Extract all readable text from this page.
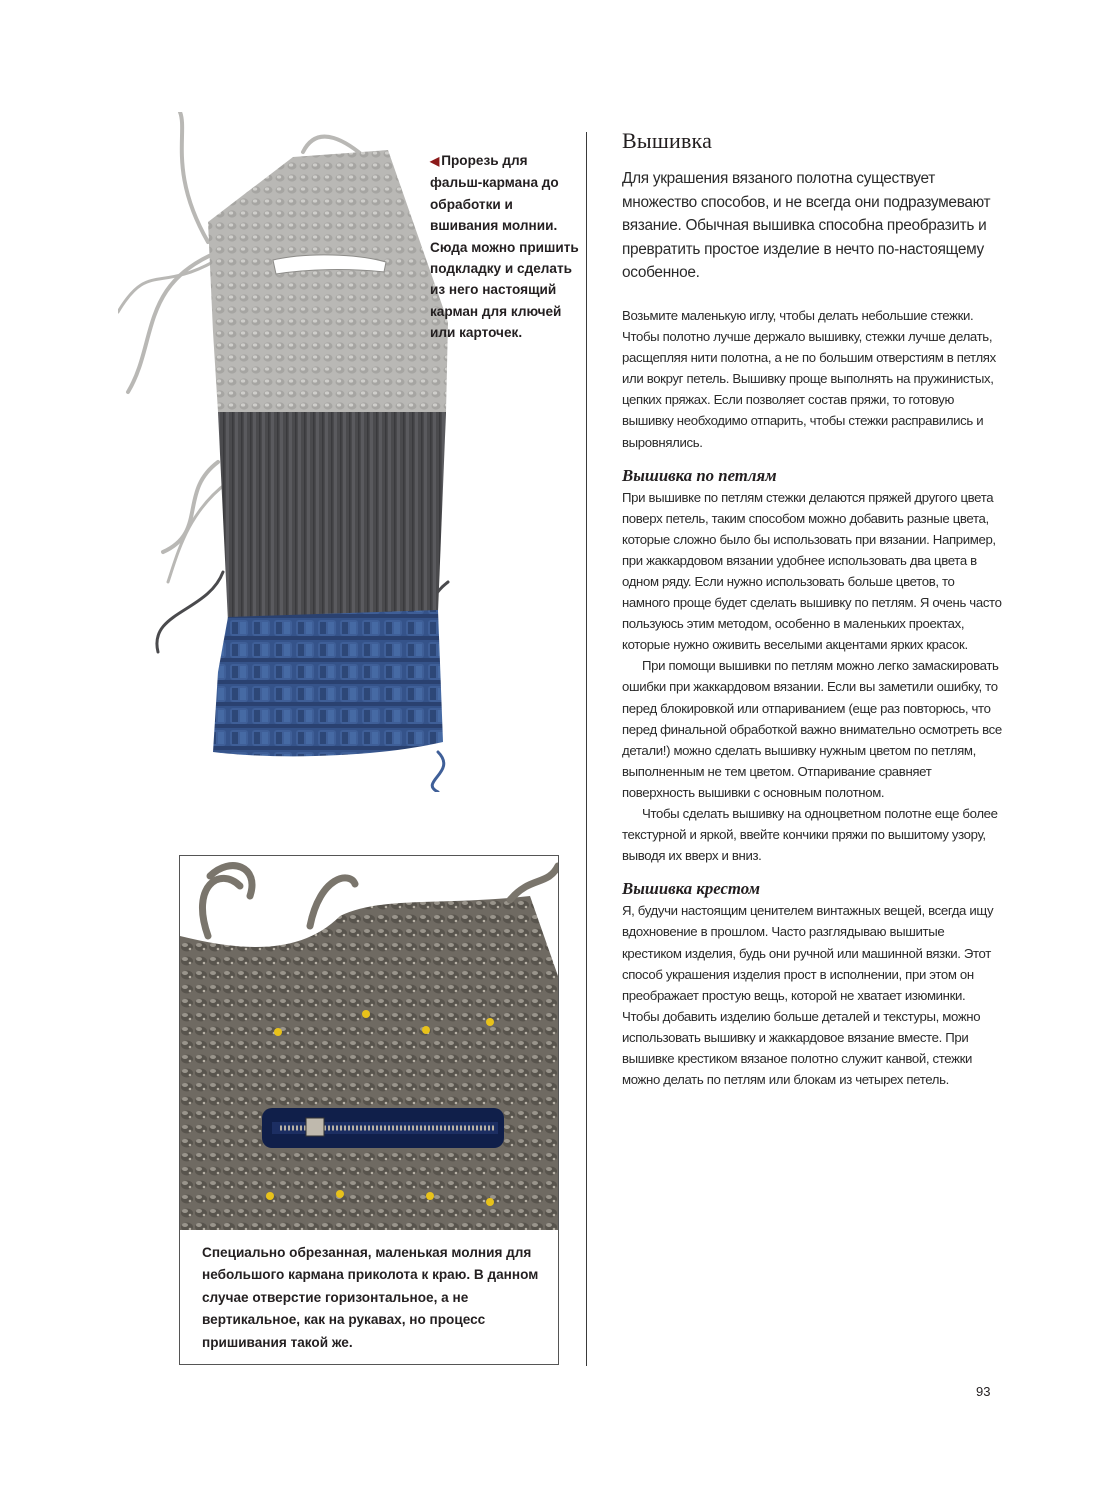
◀ Прорезь для фальш-кармана до обработки и вшивания молнии. Сюда можно пришить подкладку и сделать из него настоящий карман для ключей или карточек.

Специально обрезанная, маленькая молния для небольшого кармана приколота к краю. В данном случае отверстие горизонтальное, а не вертикальное, как на рукавах, но процесс пришивания такой же.

Вышивка

Для украшения вязаного полотна существует множество способов, и не всегда они подразумевают вязание. Обычная вышивка способна преобразить и превратить простое изделие в нечто по-настоящему особенное.

Возьмите маленькую иглу, чтобы делать небольшие стежки. Чтобы полотно лучше держало вышивку, стежки лучше делать, расщепляя нити полотна, а не по большим отверстиям в петлях или вокруг петель. Вышивку проще выполнять на пружинистых, цепких пряжах. Если позволяет состав пряжи, то готовую вышивку необходимо отпарить, чтобы стежки расправились и выровнялись.

Вышивка по петлям

При вышивке по петлям стежки делаются пряжей другого цвета поверх петель, таким способом можно добавить разные цвета, которые сложно было бы использовать при вязании. Например, при жаккардовом вязании удобнее использовать два цвета в одном ряду. Если нужно использовать больше цветов, то намного проще будет сделать вышивку по петлям. Я очень часто пользуюсь этим методом, особенно в маленьких проектах, которые нужно оживить веселыми акцентами ярких красок.

При помощи вышивки по петлям можно легко замаскировать ошибки при жаккардовом вязании. Если вы заметили ошибку, то перед блокировкой или отпариванием (еще раз повторюсь, что перед финальной обработкой важно внимательно осмотреть все детали!) можно сделать вышивку нужным цветом по петлям, выполненным не тем цветом. Отпаривание сравняет поверхность вышивки с основным полотном.

Чтобы сделать вышивку на одноцветном полотне еще более текстурной и яркой, ввейте кончики пряжи по вышитому узору, выводя их вверх и вниз.

Вышивка крестом

Я, будучи настоящим ценителем винтажных вещей, всегда ищу вдохновение в прошлом. Часто разглядываю вышитые крестиком изделия, будь они ручной или машинной вязки. Этот способ украшения изделия прост в исполнении, при этом он преображает простую вещь, которой не хватает изюминки. Чтобы добавить изделию больше деталей и текстуры, можно использовать вышивку и жаккардовое вязание вместе. При вышивке крестиком вязаное полотно служит канвой, стежки можно делать по петлям или блокам из четырех петель.

93
